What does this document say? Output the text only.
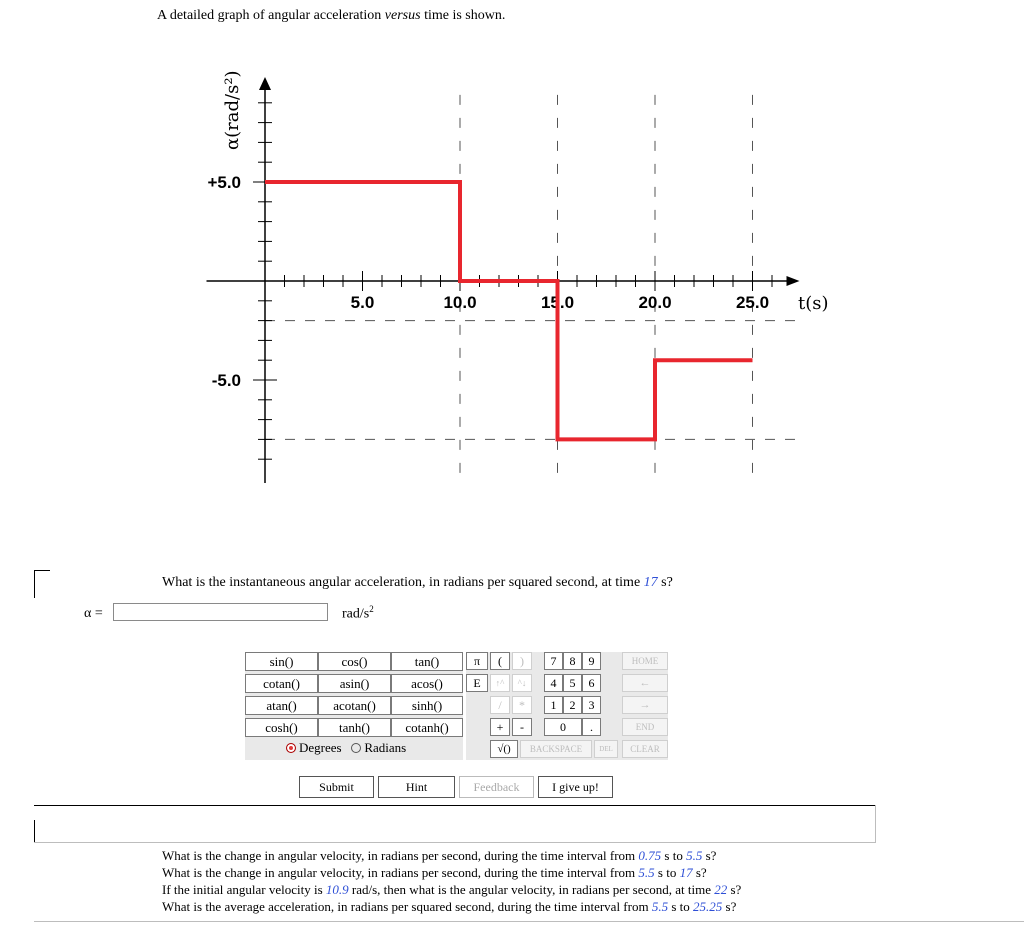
A detailed graph of angular acceleration versus time is shown.
5.0	10.0	15.0	20.0	25.0
+5.0
-5.0
α(rad/s²)
t(s)
What is the instantaneous angular acceleration, in radians per squared second, at time 17 s?
α =	rad/$s^2$
sin()	cos()	tan()
cotan()	asin()	acos()
atan()	acotan()	sinh()
cosh()	tanh()	cotanh()
Degrees Radians
π	(	)
E	↑^	^↓
/	*
+	-
√()
7	8	9
4	5	6
1	2	3
0	.
HOME
←
→
END
BACKSPACE	DEL	CLEAR
Submit	Hint	Feedback	I give up!
What is the change in angular velocity, in radians per second, during the time interval from 0.75 s to 5.5 s?
What is the change in angular velocity, in radians per second, during the time interval from 5.5 s to 17 s?
If the initial angular velocity is 10.9 rad/s, then what is the angular velocity, in radians per second, at time 22 s?
What is the average acceleration, in radians per squared second, during the time interval from 5.5 s to 25.25 s?
